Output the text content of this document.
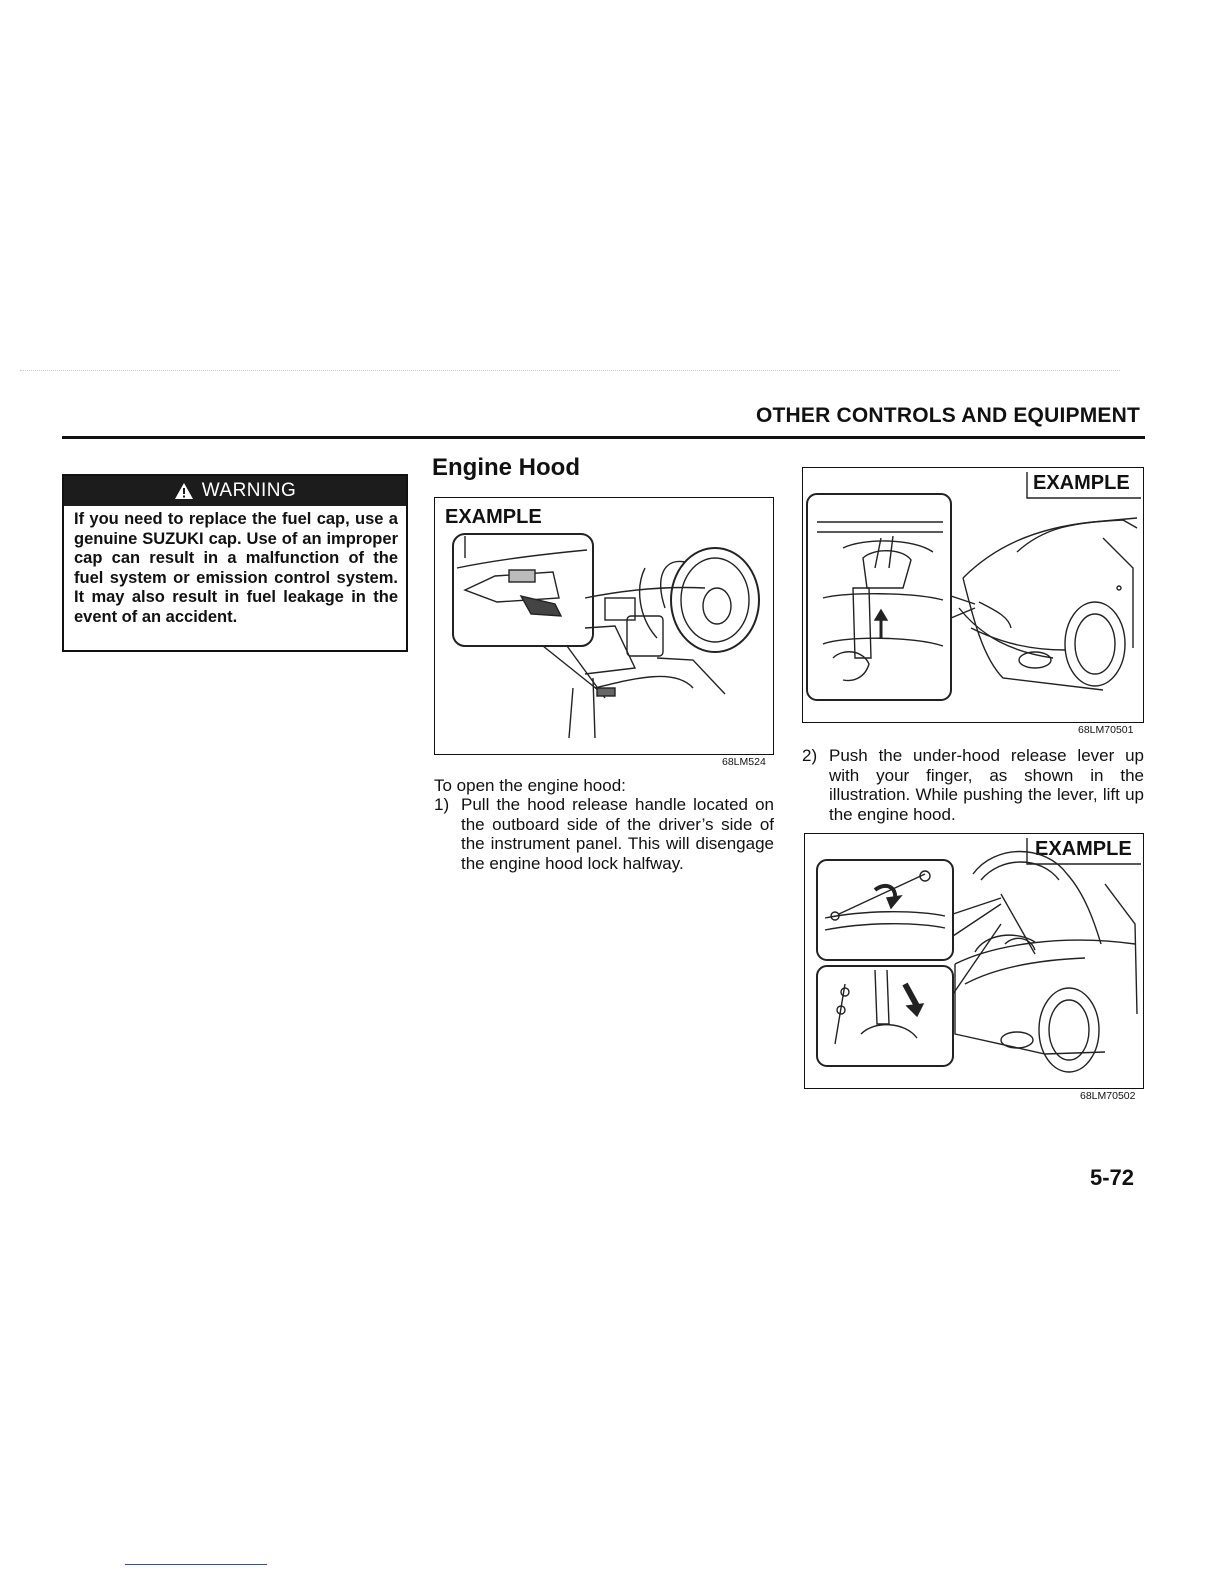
OTHER CONTROLS AND EQUIPMENT
WARNING
If you need to replace the fuel cap, use a genuine SUZUKI cap. Use of an improper cap can result in a malfunction of the fuel system or emission control system. It may also result in fuel leakage in the event of an accident.
Engine Hood
EXAMPLE
68LM524
To open the engine hood:
1) Pull the hood release handle located on the outboard side of the driver’s side of the instrument panel. This will disengage the engine hood lock halfway.
EXAMPLE
68LM70501
2) Push the under-hood release lever up with your finger, as shown in the illustration. While pushing the lever, lift up the engine hood.
EXAMPLE
68LM70502
5-72
